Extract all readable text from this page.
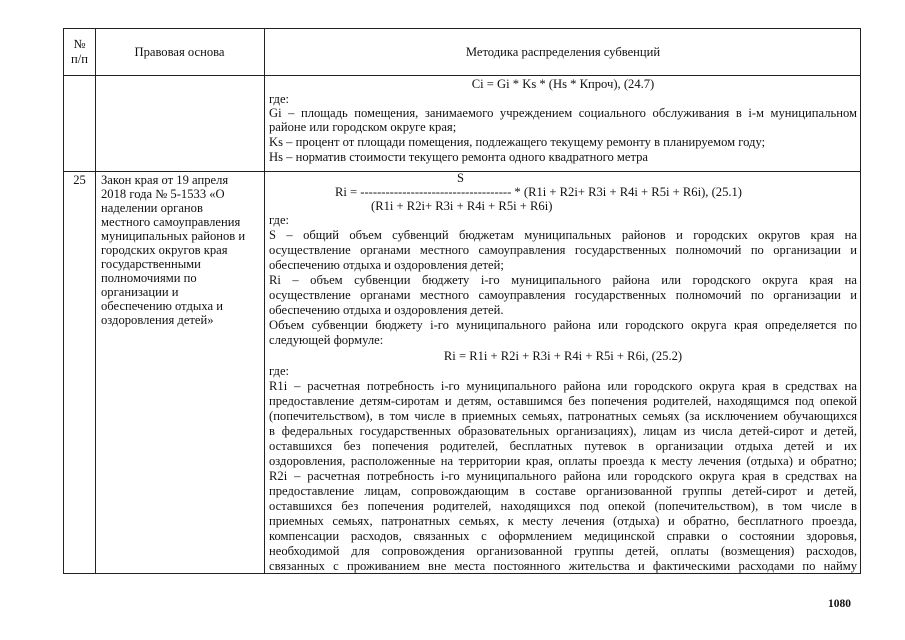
№ п/п
Правовая основа	Методика распределения субвенций
Ci = Gi * Ks * (Hs * Кпроч), (24.7)
где:
Gi – площадь помещения, занимаемого учреждением социального обслуживания в i-м муниципальном
районе или городском округе края;
Ks – процент от площади помещения, подлежащего текущему ремонту в планируемом году;
Hs – норматив стоимости текущего ремонта одного квадратного метра
25	Закон края от 19 апреля
2018 года № 5-1533 «О
наделении органов
местного самоуправления
муниципальных районов и
городских округов края
государственными
полномочиями по
организации и
обеспечению отдыха и
оздоровления детей»
S
Ri = ------------------------------------ * (R1i + R2i+ R3i + R4i + R5i + R6i), (25.1)
(R1i + R2i+ R3i + R4i + R5i + R6i)
где:
S – общий объем субвенций бюджетам муниципальных районов и городских округов края на
осуществление органами местного самоуправления государственных полномочий по организации и
обеспечению отдыха и оздоровления детей;
Ri – объем субвенции бюджету i-го муниципального района или городского округа края на
осуществление органами местного самоуправления государственных полномочий по организации и
обеспечению отдыха и оздоровления детей.
Объем субвенции бюджету i-го муниципального района или городского округа края определяется по
следующей формуле:
Ri = R1i + R2i + R3i + R4i + R5i + R6i, (25.2)
где:
R1i – расчетная потребность i-го муниципального района или городского округа края в средствах на
предоставление детям-сиротам и детям, оставшимся без попечения родителей, находящимся под опекой
(попечительством), в том числе в приемных семьях, патронатных семьях (за исключением обучающихся
в федеральных государственных образовательных организациях), лицам из числа детей-сирот и детей,
оставшихся без попечения родителей, бесплатных путевок в организации отдыха детей и их
оздоровления, расположенные на территории края, оплаты проезда к месту лечения (отдыха) и обратно;
R2i – расчетная потребность i-го муниципального района или городского округа края в средствах на
предоставление лицам, сопровождающим в составе организованной группы детей-сирот и детей,
оставшихся без попечения родителей, находящихся под опекой (попечительством), в том числе в
приемных семьях, патронатных семьях, к месту лечения (отдыха) и обратно, бесплатного проезда,
компенсации расходов, связанных с оформлением медицинской справки о состоянии здоровья,
необходимой для сопровождения организованной группы детей, оплаты (возмещения) расходов,
связанных с проживанием вне места постоянного жительства и фактическими расходами по найму
1080
